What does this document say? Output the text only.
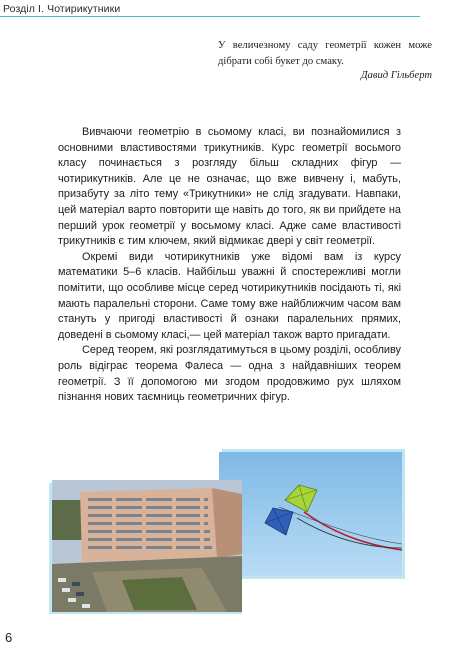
Розділ І. Чотирикутники
У величезному саду геометрії кожен може дібрати собі букет до смаку.
Давид Гільберт

Вивчаючи геометрію в сьомому класі, ви познайомилися з основними властивостями трикутників. Курс геометрії восьмого класу починається з розгляду більш складних фігур — чотирикутників. Але це не означає, що вже вивчену і, мабуть, призабуту за літо тему «Трикутники» не слід згадувати. Навпаки, цей матеріал варто повторити ще навіть до того, як ви прийдете на перший урок геометрії у восьмому класі. Адже саме властивості трикутників є тим ключем, який відмикає двері у світ геометрії.

Окремі види чотирикутників уже відомі вам із курсу математики 5–6 класів. Найбільш уважні й спостережливі могли помітити, що особливе місце серед чотирикутників посідають ті, які мають паралельні сторони. Саме тому вже найближчим часом вам стануть у пригоді властивості й ознаки паралельних прямих, доведені в сьомому класі,— цей матеріал також варто пригадати.

Серед теорем, які розглядатимуться в цьому розділі, особливу роль відіграє теорема Фалеса — одна з найдавніших теорем геометрії. З її допомогою ми згодом продовжимо рух шляхом пізнання нових таємниць геометричних фігур.

6
